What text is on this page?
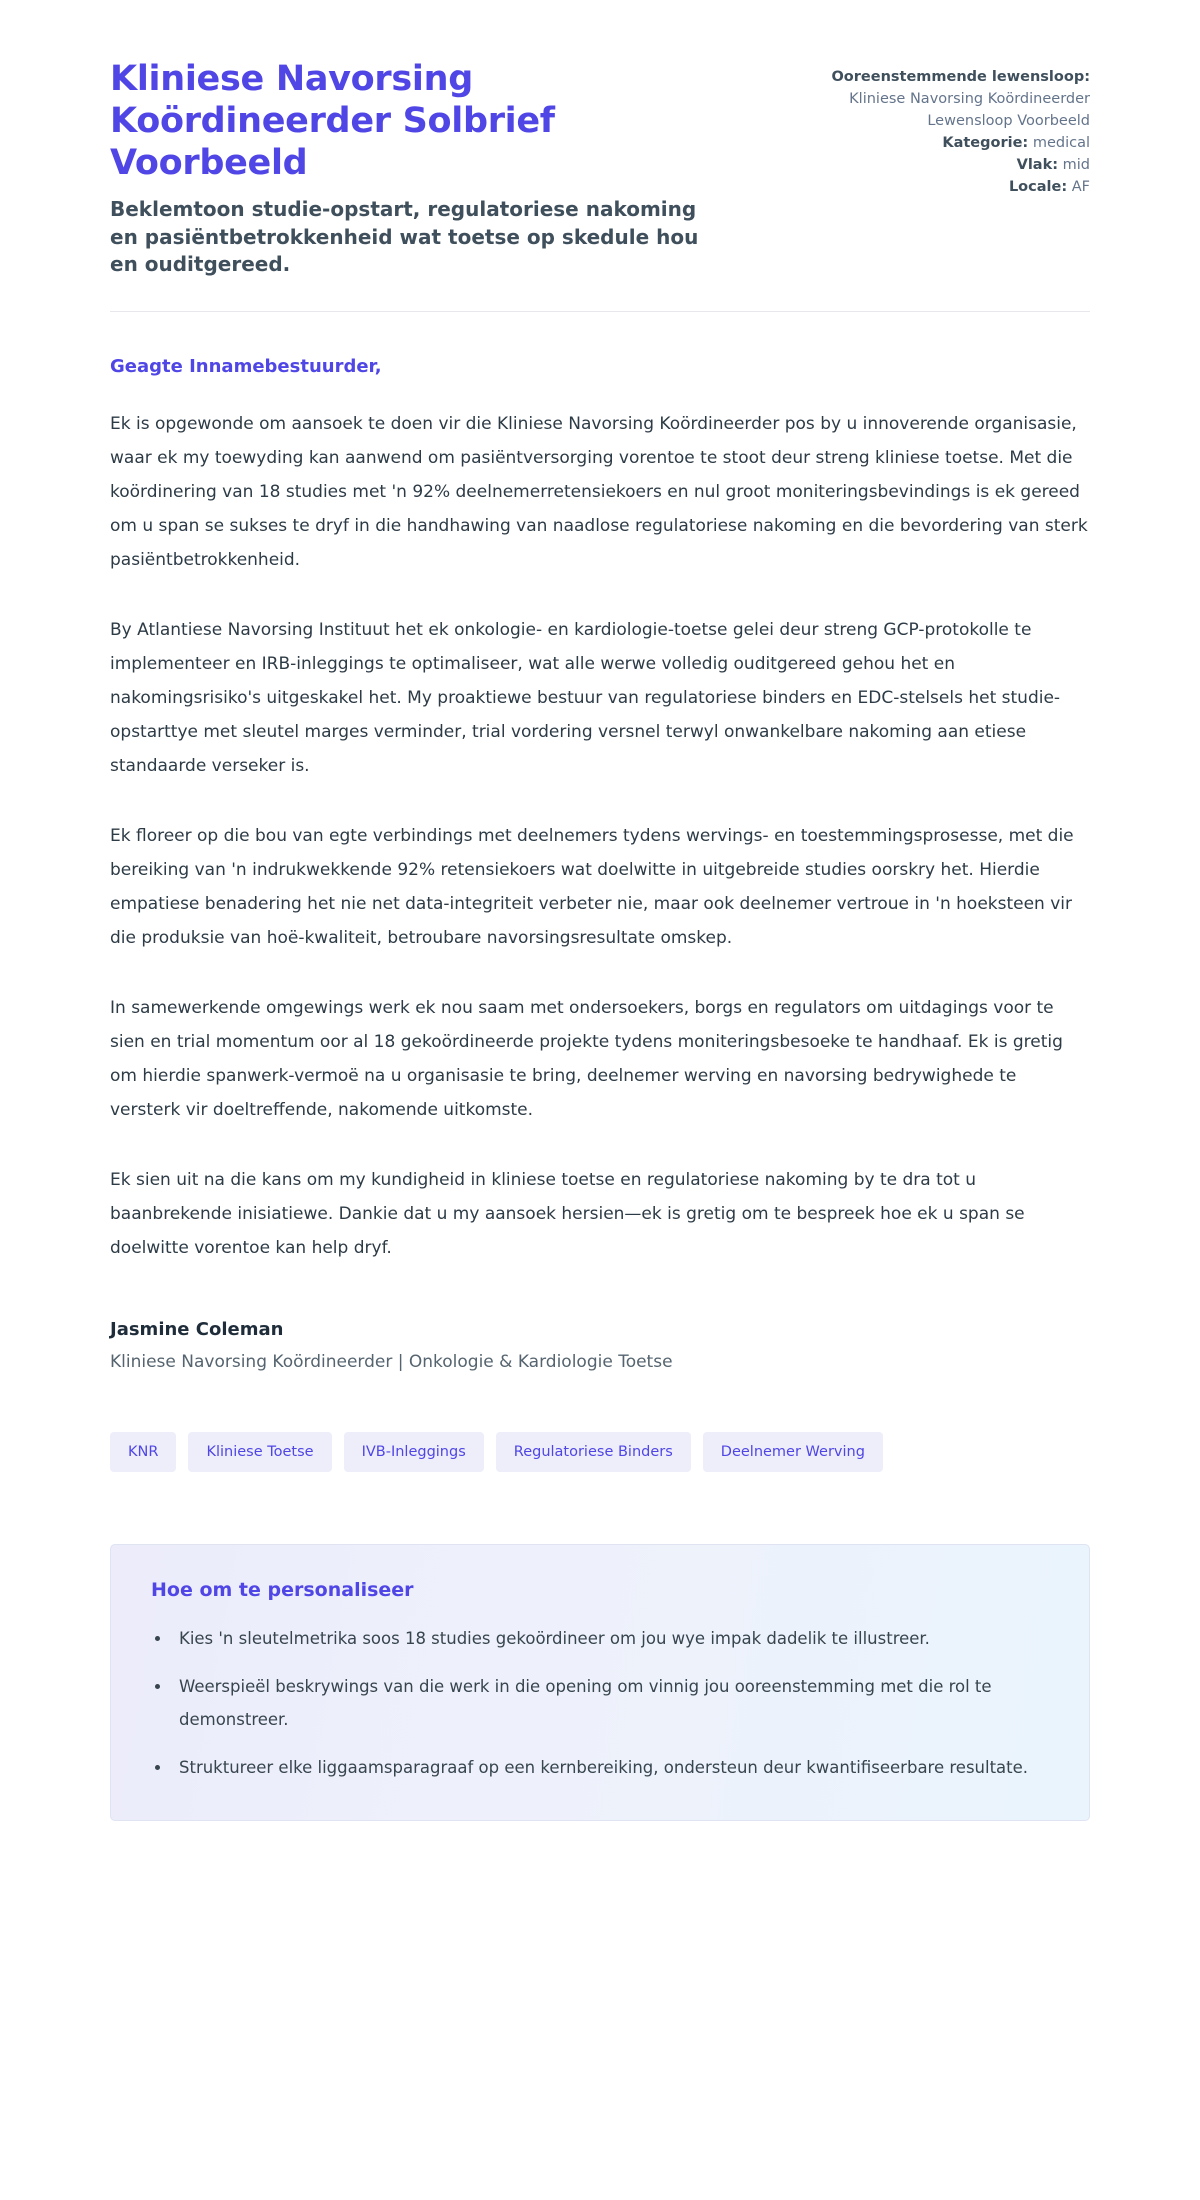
Kliniese Navorsing Koördineerder Solbrief Voorbeeld

Beklemtoon studie-opstart, regulatoriese nakoming en pasiëntbetrokkenheid wat toetse op skedule hou en ouditgereed.

Ooreenstemmende lewensloop: Kliniese Navorsing Koördineerder Lewensloop Voorbeeld
Kategorie: medical
Vlak: mid
Locale: AF

Geagte Innamebestuurder,

Ek is opgewonde om aansoek te doen vir die Kliniese Navorsing Koördineerder pos by u innoverende organisasie, waar ek my toewyding kan aanwend om pasiëntversorging vorentoe te stoot deur streng kliniese toetse. Met die koördinering van 18 studies met 'n 92% deelnemerretensiekoers en nul groot moniteringsbevindings is ek gereed om u span se sukses te dryf in die handhawing van naadlose regulatoriese nakoming en die bevordering van sterk pasiëntbetrokkenheid.

By Atlantiese Navorsing Instituut het ek onkologie- en kardiologie-toetse gelei deur streng GCP-protokolle te implementeer en IRB-inleggings te optimaliseer, wat alle werwe volledig ouditgereed gehou het en nakomingsrisiko's uitgeskakel het. My proaktiewe bestuur van regulatoriese binders en EDC-stelsels het studie-opstarttye met sleutel marges verminder, trial vordering versnel terwyl onwankelbare nakoming aan etiese standaarde verseker is.

Ek floreer op die bou van egte verbindings met deelnemers tydens wervings- en toestemmingsprosesse, met die bereiking van 'n indrukwekkende 92% retensiekoers wat doelwitte in uitgebreide studies oorskry het. Hierdie empatiese benadering het nie net data-integriteit verbeter nie, maar ook deelnemer vertroue in 'n hoeksteen vir die produksie van hoë-kwaliteit, betroubare navorsingsresultate omskep.

In samewerkende omgewings werk ek nou saam met ondersoekers, borgs en regulators om uitdagings voor te sien en trial momentum oor al 18 gekoördineerde projekte tydens moniteringsbesoeke te handhaaf. Ek is gretig om hierdie spanwerk-vermoë na u organisasie te bring, deelnemer werving en navorsing bedrywighede te versterk vir doeltreffende, nakomende uitkomste.

Ek sien uit na die kans om my kundigheid in kliniese toetse en regulatoriese nakoming by te dra tot u baanbrekende inisiatiewe. Dankie dat u my aansoek hersien—ek is gretig om te bespreek hoe ek u span se doelwitte vorentoe kan help dryf.

Jasmine Coleman

Kliniese Navorsing Koördineerder | Onkologie & Kardiologie Toetse

KNR	Kliniese Toetse	IVB-Inleggings	Regulatoriese Binders	Deelnemer Werving
Hoe om te personaliseer
Kies 'n sleutelmetrika soos 18 studies gekoördineer om jou wye impak dadelik te illustreer.
Weerspieël beskrywings van die werk in die opening om vinnig jou ooreenstemming met die rol te demonstreer.
Struktureer elke liggaamsparagraaf op een kernbereiking, ondersteun deur kwantifiseerbare resultate.
